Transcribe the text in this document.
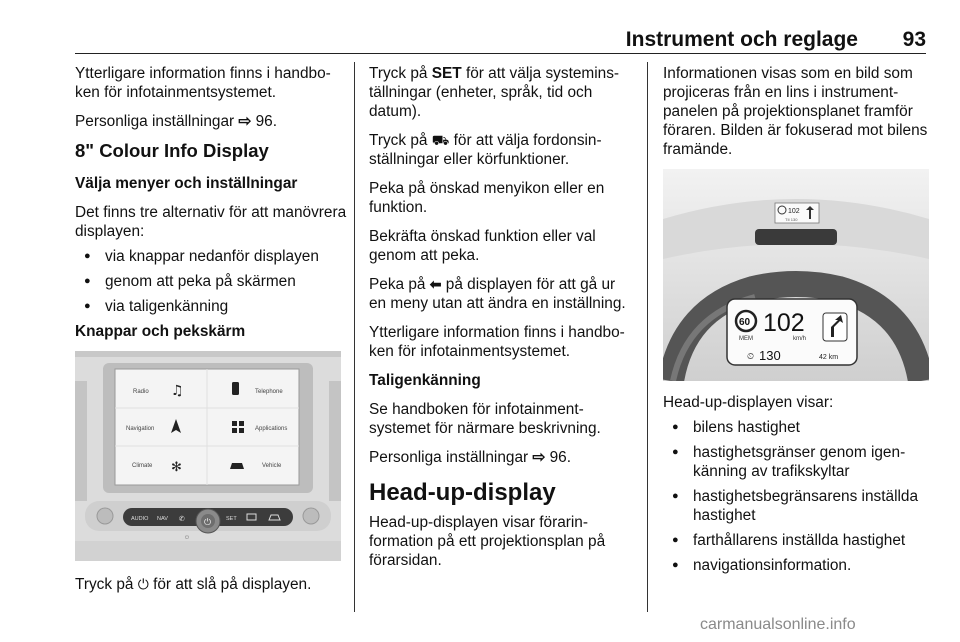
Instrument och reglage 93

Ytterligare information finns i handboken för infotainmentsystemet.

Personliga inställningar ⇨ 96.

8" Colour Info Display

Välja menyer och inställningar

Det finns tre alternativ för att manövrera displayen:

● via knappar nedanför displayen
● genom att peka på skärmen
● via taligenkänning

Knappar och pekskärm

Radio ♫	Telephone
Navigation	Applications
Climate ✻	Vehicle
AUDIO NAV ✆ ⏻	SET
⏻

Tryck på ⏻ för att slå på displayen.

Tryck på SET för att välja systeminställningar (enheter, språk, tid och datum).

Tryck på ⛟ för att välja fordonsinställningar eller körfunktioner.

Peka på önskad menyikon eller en funktion.

Bekräfta önskad funktion eller val genom att peka.

Peka på ⬅ på displayen för att gå ur en meny utan att ändra en inställning.

Ytterligare information finns i handboken för infotainmentsystemet.

Taligenkänning

Se handboken för infotainmentsystemet för närmare beskrivning.

Personliga inställningar ⇨ 96.

Head-up-display

Head-up-displayen visar förarinformation på ett projektionsplan på förarsidan.

Informationen visas som en bild som projiceras från en lins i instrumentpanelen på projektionsplanet framför föraren. Bilden är fokuserad mot bilens framände.

102
TII 130
60
MEM
102
km/h
⏲ 130	42 km

Head-up-displayen visar:

● bilens hastighet
● hastighetsgränser genom igenkänning av trafikskyltar
● hastighetsbegränsarens inställda hastighet
● farthållarens inställda hastighet
● navigationsinformation.
carmanualsonline.info
